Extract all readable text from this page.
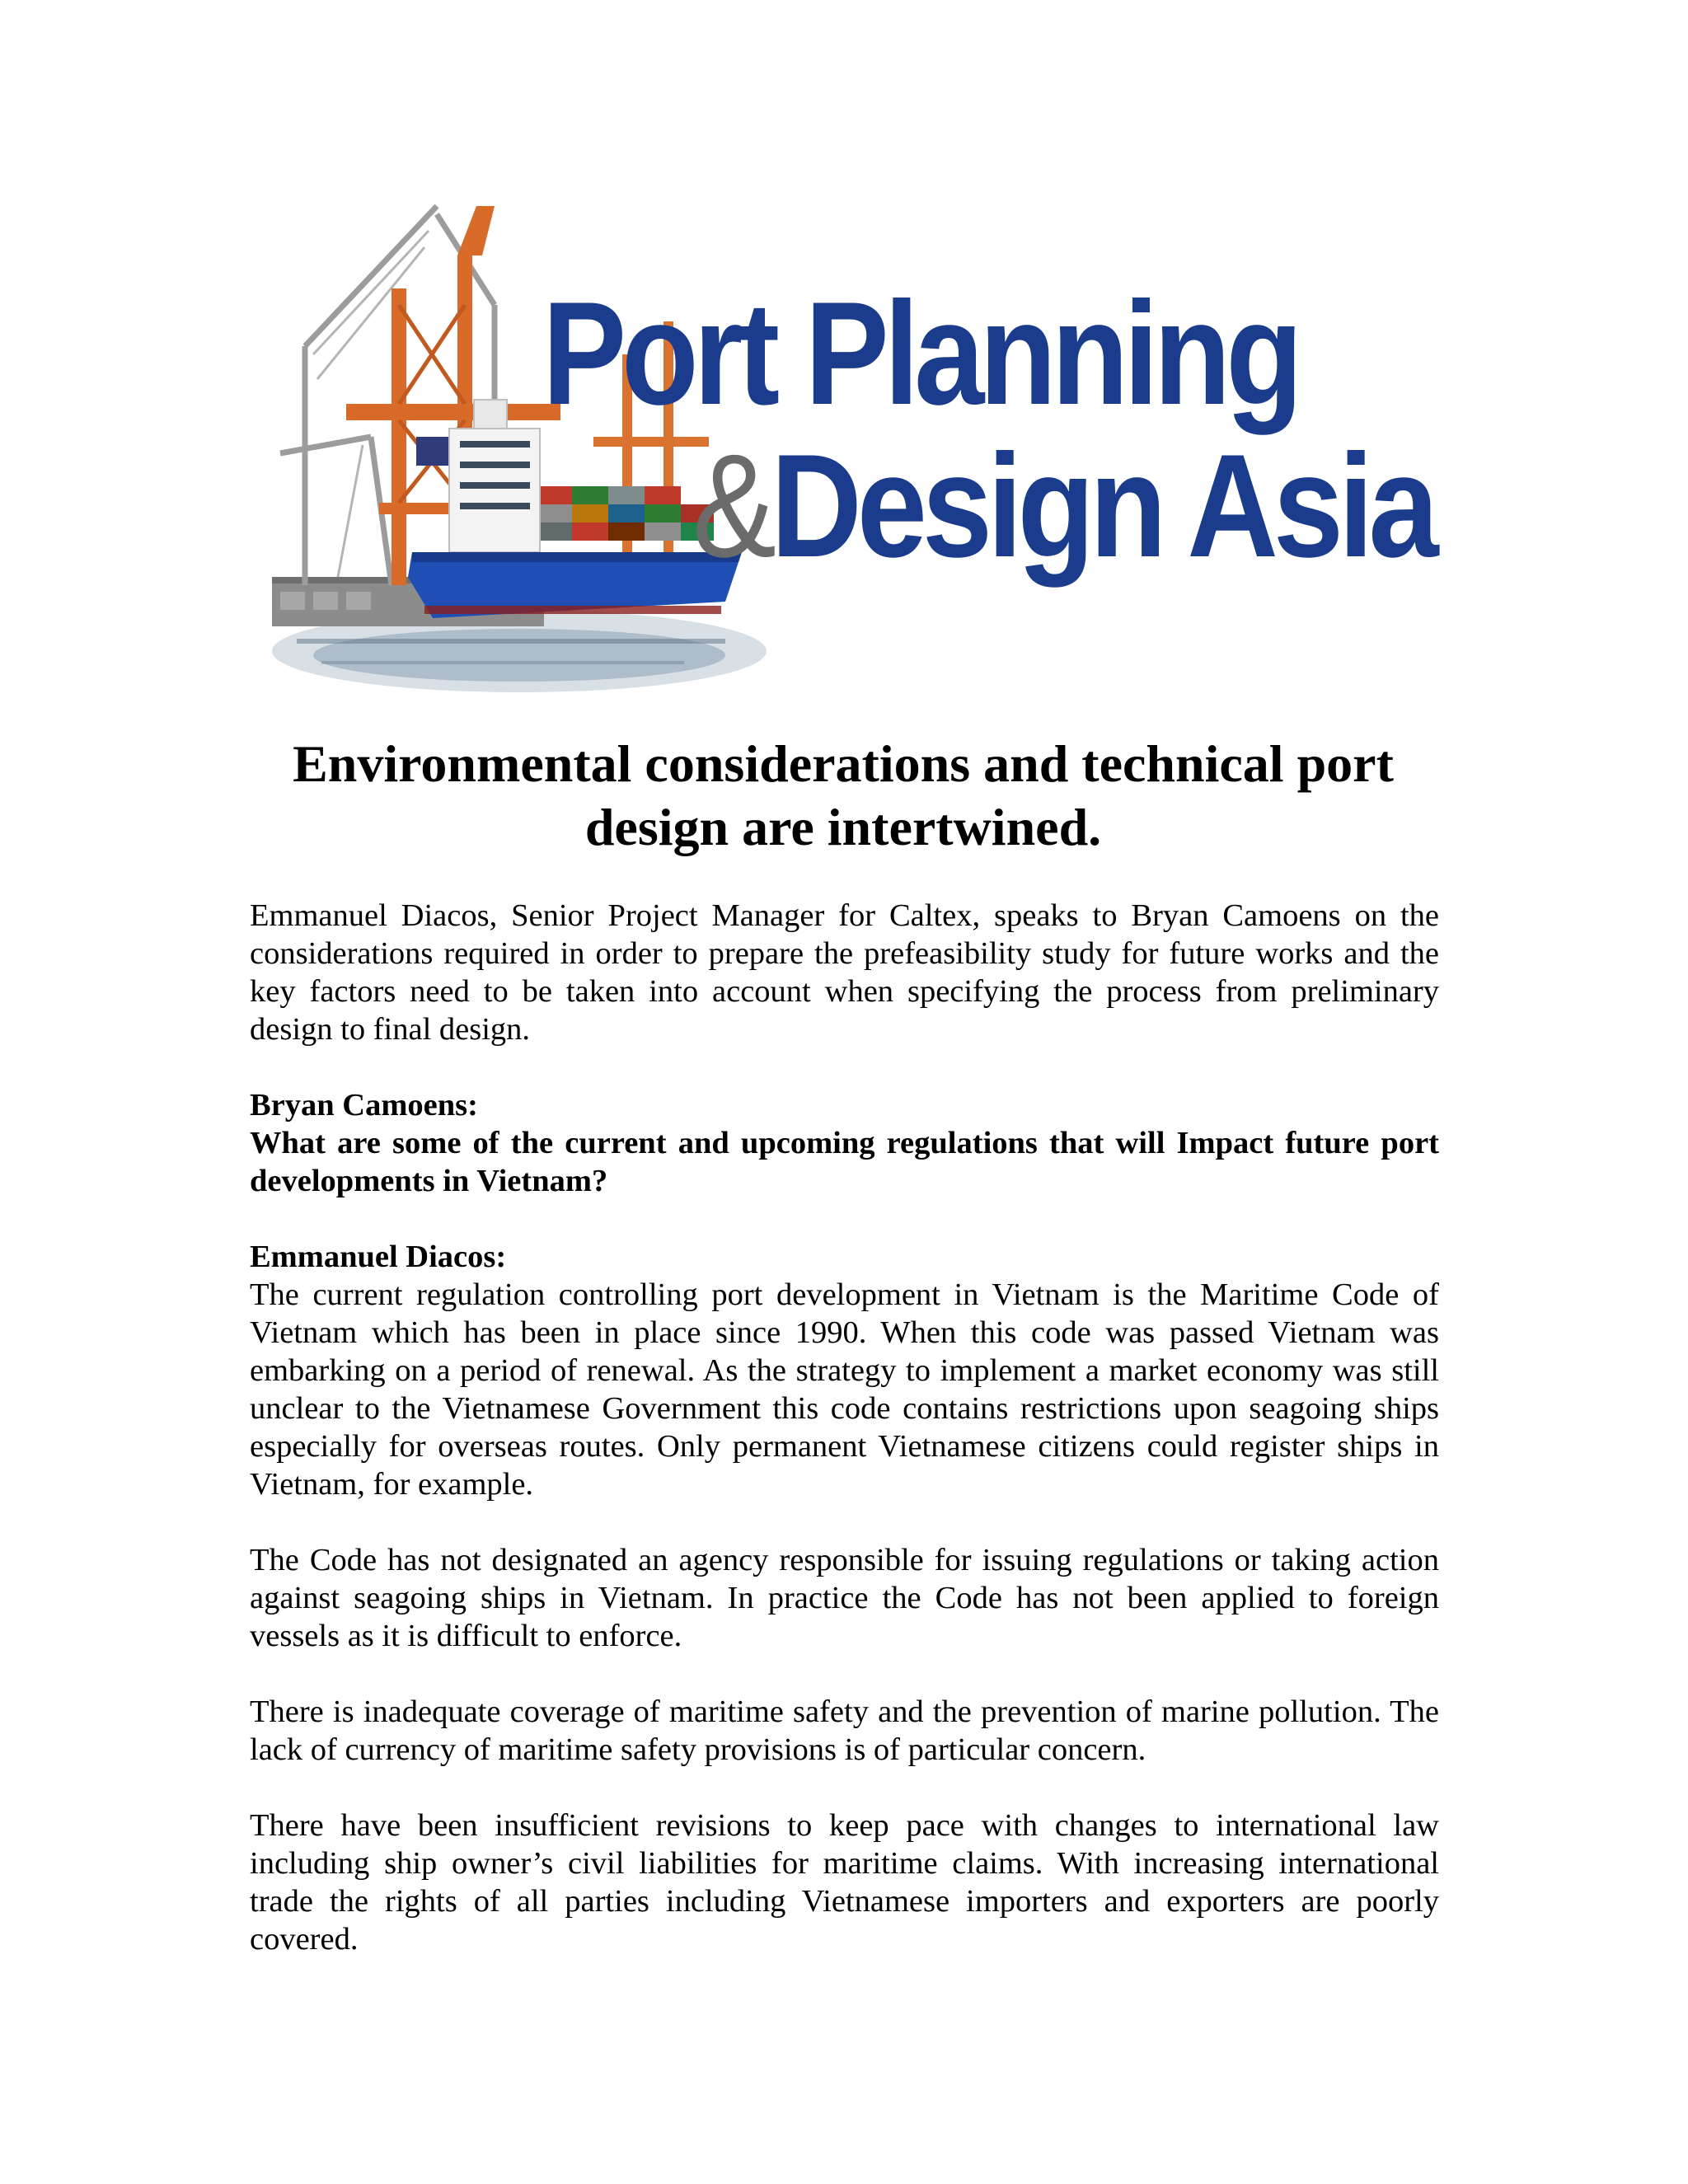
Port Planning
&Design Asia
Environmental considerations and technical port design are intertwined.

Emmanuel Diacos, Senior Project Manager for Caltex, speaks to Bryan Camoens on the considerations required in order to prepare the prefeasibility study for future works and the key factors need to be taken into account when specifying the process from preliminary design to final design.

Bryan Camoens:

What are some of the current and upcoming regulations that will Impact future port developments in Vietnam?

Emmanuel Diacos:

The current regulation controlling port development in Vietnam is the Maritime Code of Vietnam which has been in place since 1990. When this code was passed Vietnam was embarking on a period of renewal. As the strategy to implement a market economy was still unclear to the Vietnamese Government this code contains restrictions upon seagoing ships especially for overseas routes. Only permanent Vietnamese citizens could register ships in Vietnam, for example.

The Code has not designated an agency responsible for issuing regulations or taking action against seagoing ships in Vietnam. In practice the Code has not been applied to foreign vessels as it is difficult to enforce.

There is inadequate coverage of maritime safety and the prevention of marine pollution. The lack of currency of maritime safety provisions is of particular concern.

There have been insufficient revisions to keep pace with changes to international law including ship owner’s civil liabilities for maritime claims. With increasing international trade the rights of all parties including Vietnamese importers and exporters are poorly covered.
